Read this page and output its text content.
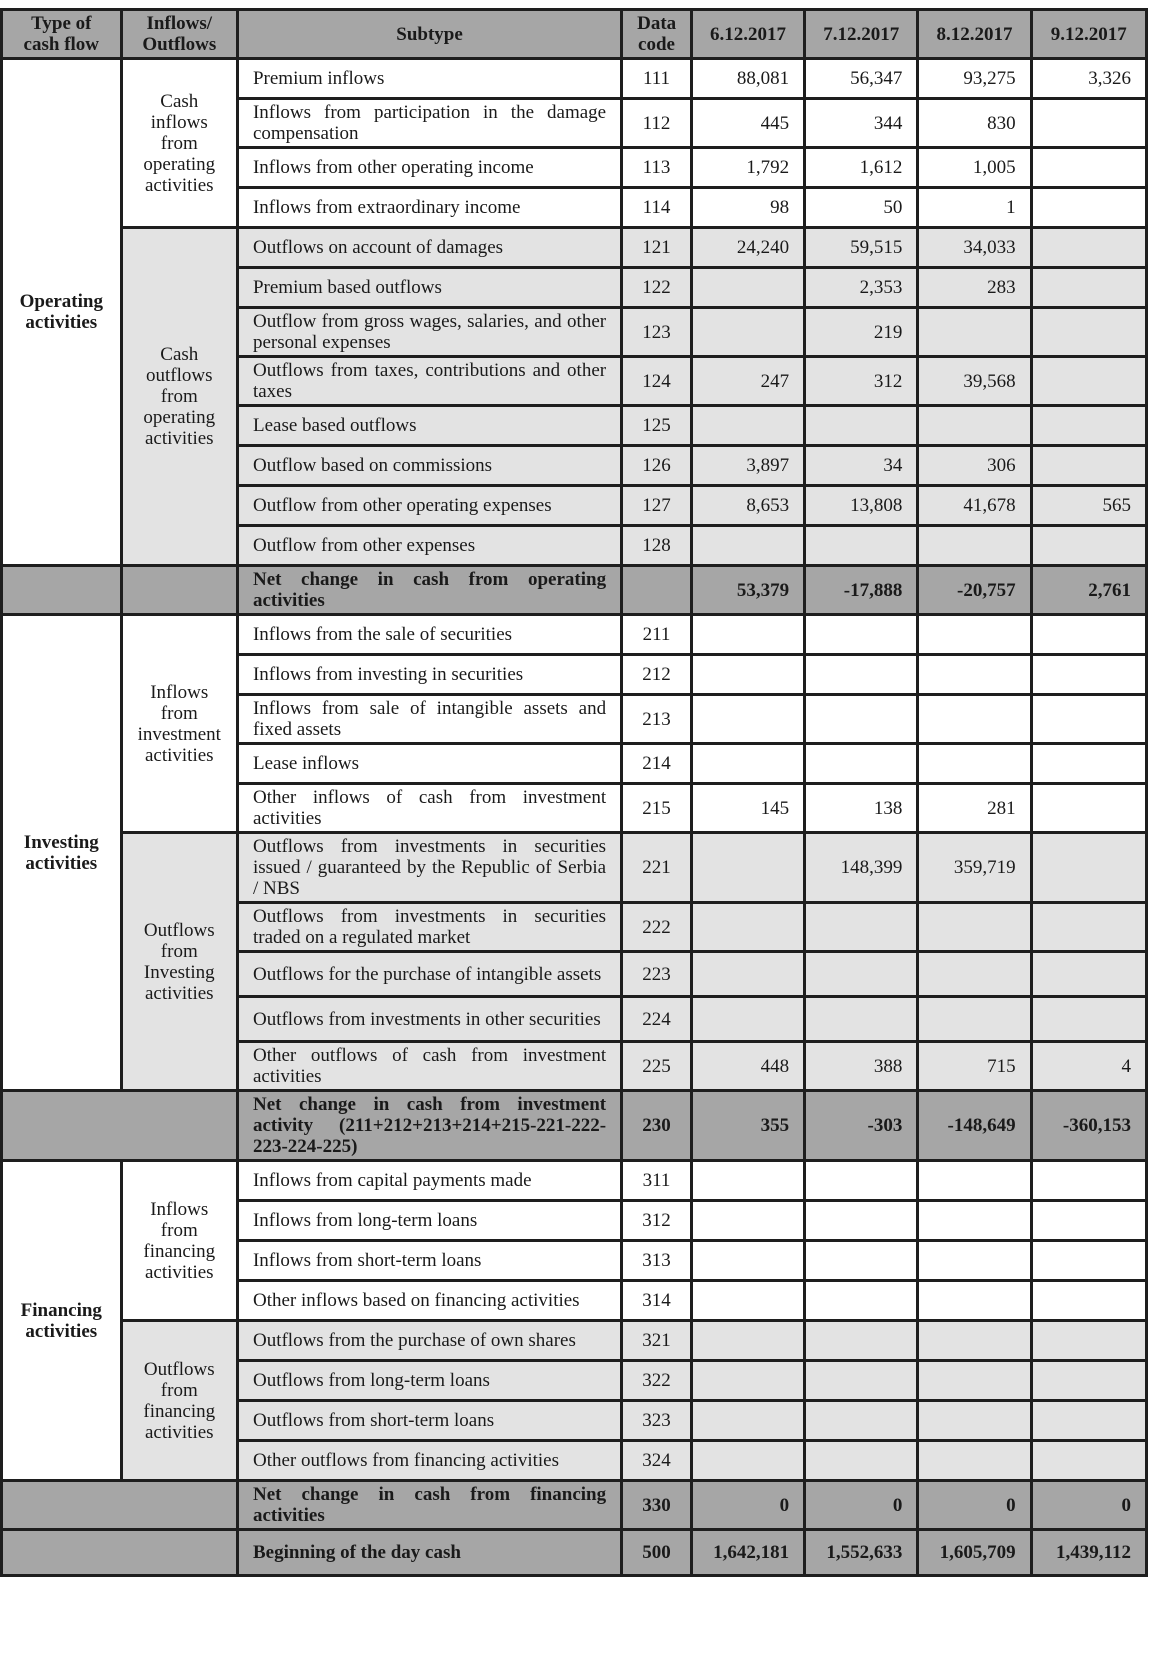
Type of cash flow	Inflows/ Outflows	Subtype	Data code	6.12.2017	7.12.2017	8.12.2017	9.12.2017
Operating activities	Cash inflows from operating activities	Premium inflows	111	88,081	56,347	93,275	3,326
		Inflows from participation in the damage compensation	112	445	344	830	
		Inflows from other operating income	113	1,792	1,612	1,005	
		Inflows from extraordinary income	114	98	50	1	
	Cash outflows from operating activities	Outflows on account of damages	121	24,240	59,515	34,033	
		Premium based outflows	122		2,353	283	
		Outflow from gross wages, salaries, and other personal expenses	123		219		
		Outflows from taxes, contributions and other taxes	124	247	312	39,568	
		Lease based outflows	125				
		Outflow based on commissions	126	3,897	34	306	
		Outflow from other operating expenses	127	8,653	13,808	41,678	565
		Outflow from other expenses	128				
		Net change in cash from operating activities		53,379	-17,888	-20,757	2,761
Investing activities	Inflows from investment activities	Inflows from the sale of securities	211				
		Inflows from investing in securities	212				
		Inflows from sale of intangible assets and fixed assets	213				
		Lease inflows	214				
		Other inflows of cash from investment activities	215	145	138	281	
	Outflows from Investing activities	Outflows from investments in securities issued / guaranteed by the Republic of Serbia / NBS	221		148,399	359,719	
		Outflows from investments in securities traded on a regulated market	222				
		Outflows for the purchase of intangible assets	223				
		Outflows from investments in other securities	224				
		Other outflows of cash from investment activities	225	448	388	715	4
		Net change in cash from investment activity (211+212+213+214+215-221-222-223-224-225)	230	355	-303	-148,649	-360,153
Financing activities	Inflows from financing activities	Inflows from capital payments made	311				
		Inflows from long-term loans	312				
		Inflows from short-term loans	313				
		Other inflows based on financing activities	314				
	Outflows from financing activities	Outflows from the purchase of own shares	321				
		Outflows from long-term loans	322				
		Outflows from short-term loans	323				
		Other outflows from financing activities	324				
		Net change in cash from financing activities	330	0	0	0	0
		Beginning of the day cash	500	1,642,181	1,552,633	1,605,709	1,439,112
